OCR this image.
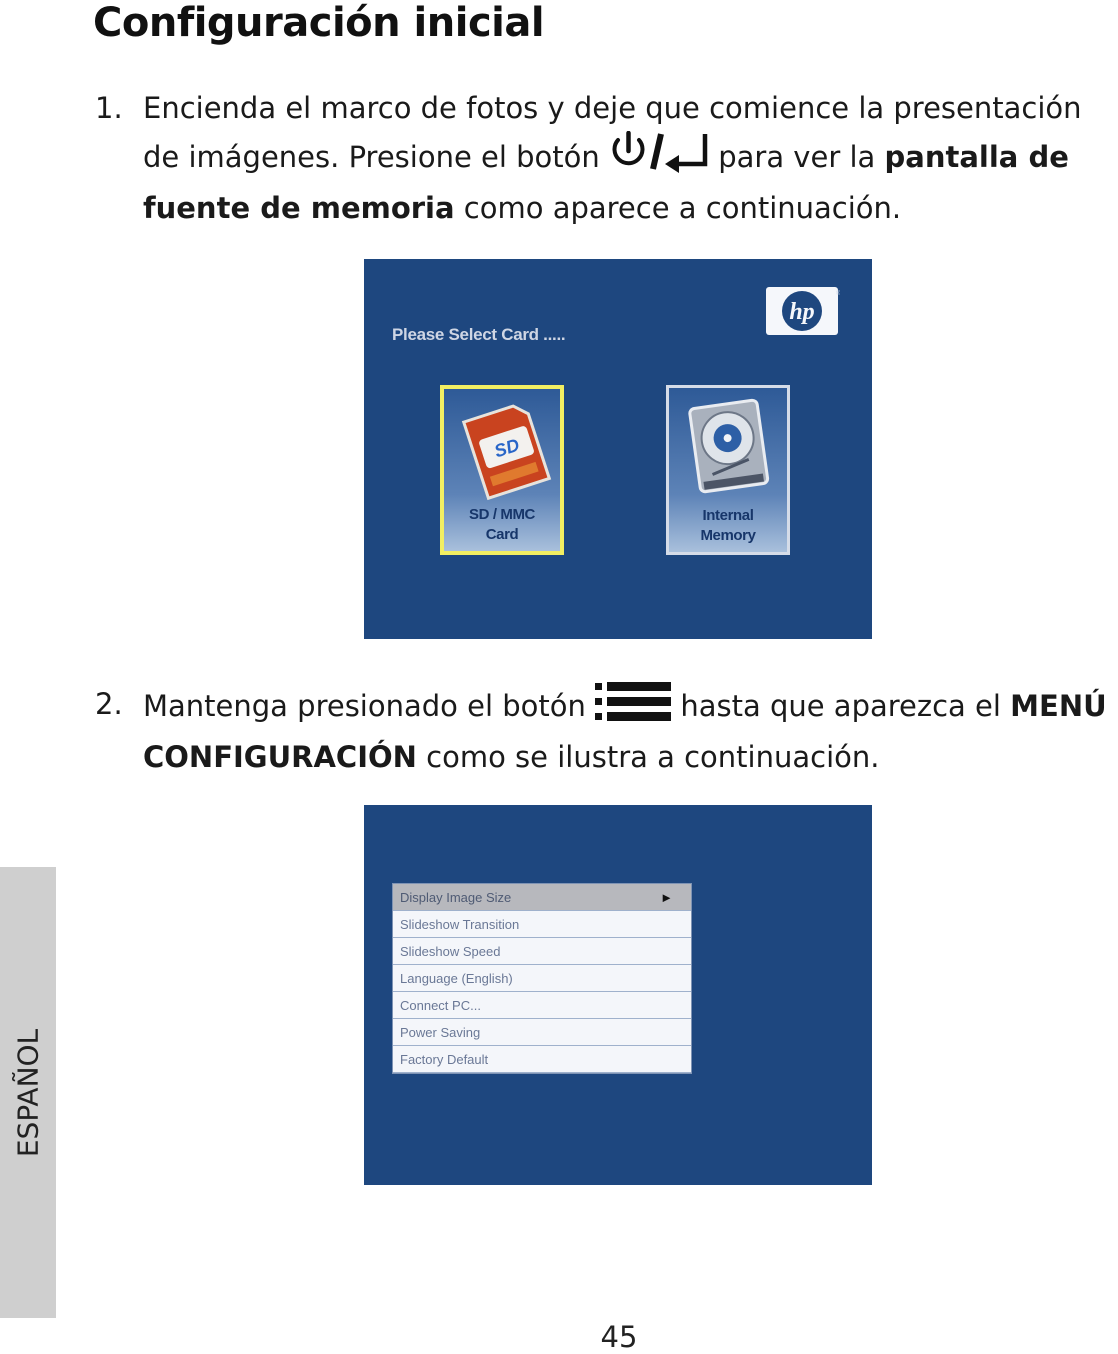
Configuración inicial
1. Encienda el marco de fotos y deje que comience la presentación de imágenes. Presione el botón	para ver la pantalla de fuente de memoria como aparece a continuación.
Please Select Card .....
hp
®
SD
SD / MMC
Card
Internal
Memory
2. Mantenga presionado el botón	hasta que aparezca el MENÚ CONFIGURACIÓN como se ilustra a continuación.
Display Image Size	►
Slideshow Transition
Slideshow Speed
Language (English)
Connect PC...
Power Saving
Factory Default
ESPAÑOL
45
